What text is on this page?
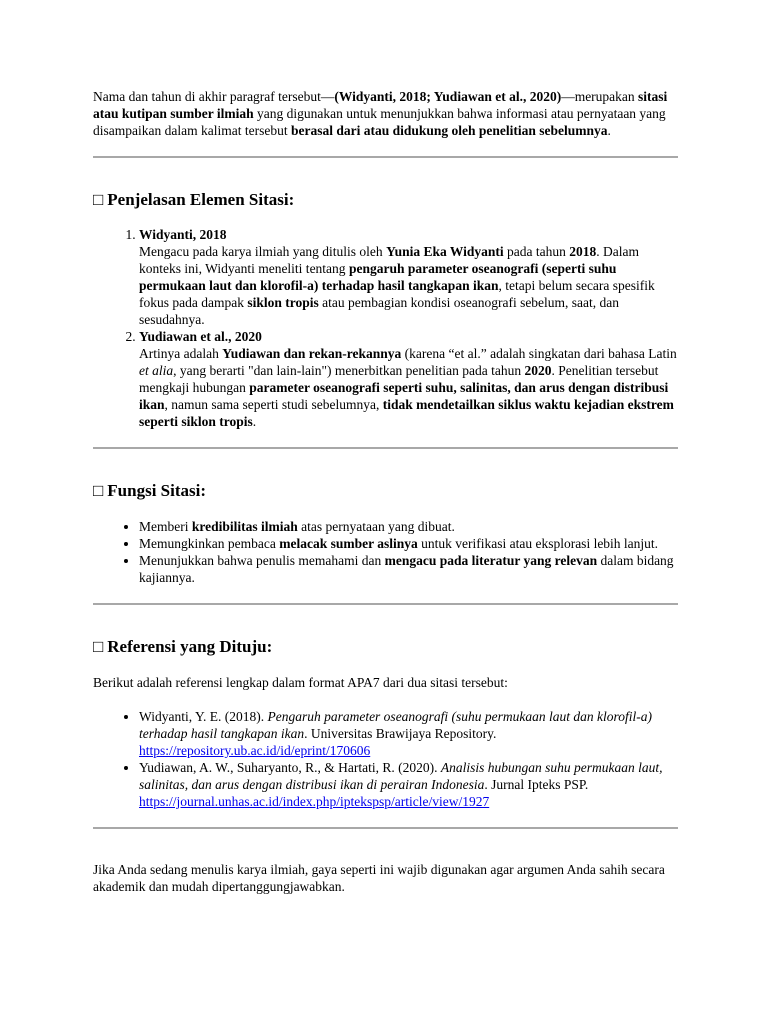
Nama dan tahun di akhir paragraf tersebut—(Widyanti, 2018; Yudiawan et al., 2020)—merupakan sitasi atau kutipan sumber ilmiah yang digunakan untuk menunjukkan bahwa informasi atau pernyataan yang disampaikan dalam kalimat tersebut berasal dari atau didukung oleh penelitian sebelumnya.

□ Penjelasan Elemen Sitasi:
1. Widyanti, 2018
Mengacu pada karya ilmiah yang ditulis oleh Yunia Eka Widyanti pada tahun 2018. Dalam konteks ini, Widyanti meneliti tentang pengaruh parameter oseanografi (seperti suhu permukaan laut dan klorofil-a) terhadap hasil tangkapan ikan, tetapi belum secara spesifik fokus pada dampak siklon tropis atau pembagian kondisi oseanografi sebelum, saat, dan sesudahnya.
2. Yudiawan et al., 2020
Artinya adalah Yudiawan dan rekan-rekannya (karena “et al.” adalah singkatan dari bahasa Latin et alia, yang berarti "dan lain-lain") menerbitkan penelitian pada tahun 2020. Penelitian tersebut mengkaji hubungan parameter oseanografi seperti suhu, salinitas, dan arus dengan distribusi ikan, namun sama seperti studi sebelumnya, tidak mendetailkan siklus waktu kejadian ekstrem seperti siklon tropis.
□ Fungsi Sitasi:
• Memberi kredibilitas ilmiah atas pernyataan yang dibuat.
• Memungkinkan pembaca melacak sumber aslinya untuk verifikasi atau eksplorasi lebih lanjut.
• Menunjukkan bahwa penulis memahami dan mengacu pada literatur yang relevan dalam bidang kajiannya.
□ Referensi yang Dituju:

Berikut adalah referensi lengkap dalam format APA7 dari dua sitasi tersebut:

• Widyanti, Y. E. (2018). Pengaruh parameter oseanografi (suhu permukaan laut dan klorofil-a) terhadap hasil tangkapan ikan. Universitas Brawijaya Repository. https://repository.ub.ac.id/id/eprint/170606
• Yudiawan, A. W., Suharyanto, R., & Hartati, R. (2020). Analisis hubungan suhu permukaan laut, salinitas, dan arus dengan distribusi ikan di perairan Indonesia. Jurnal Ipteks PSP. https://journal.unhas.ac.id/index.php/iptekspsp/article/view/1927

Jika Anda sedang menulis karya ilmiah, gaya seperti ini wajib digunakan agar argumen Anda sahih secara akademik dan mudah dipertanggungjawabkan.
